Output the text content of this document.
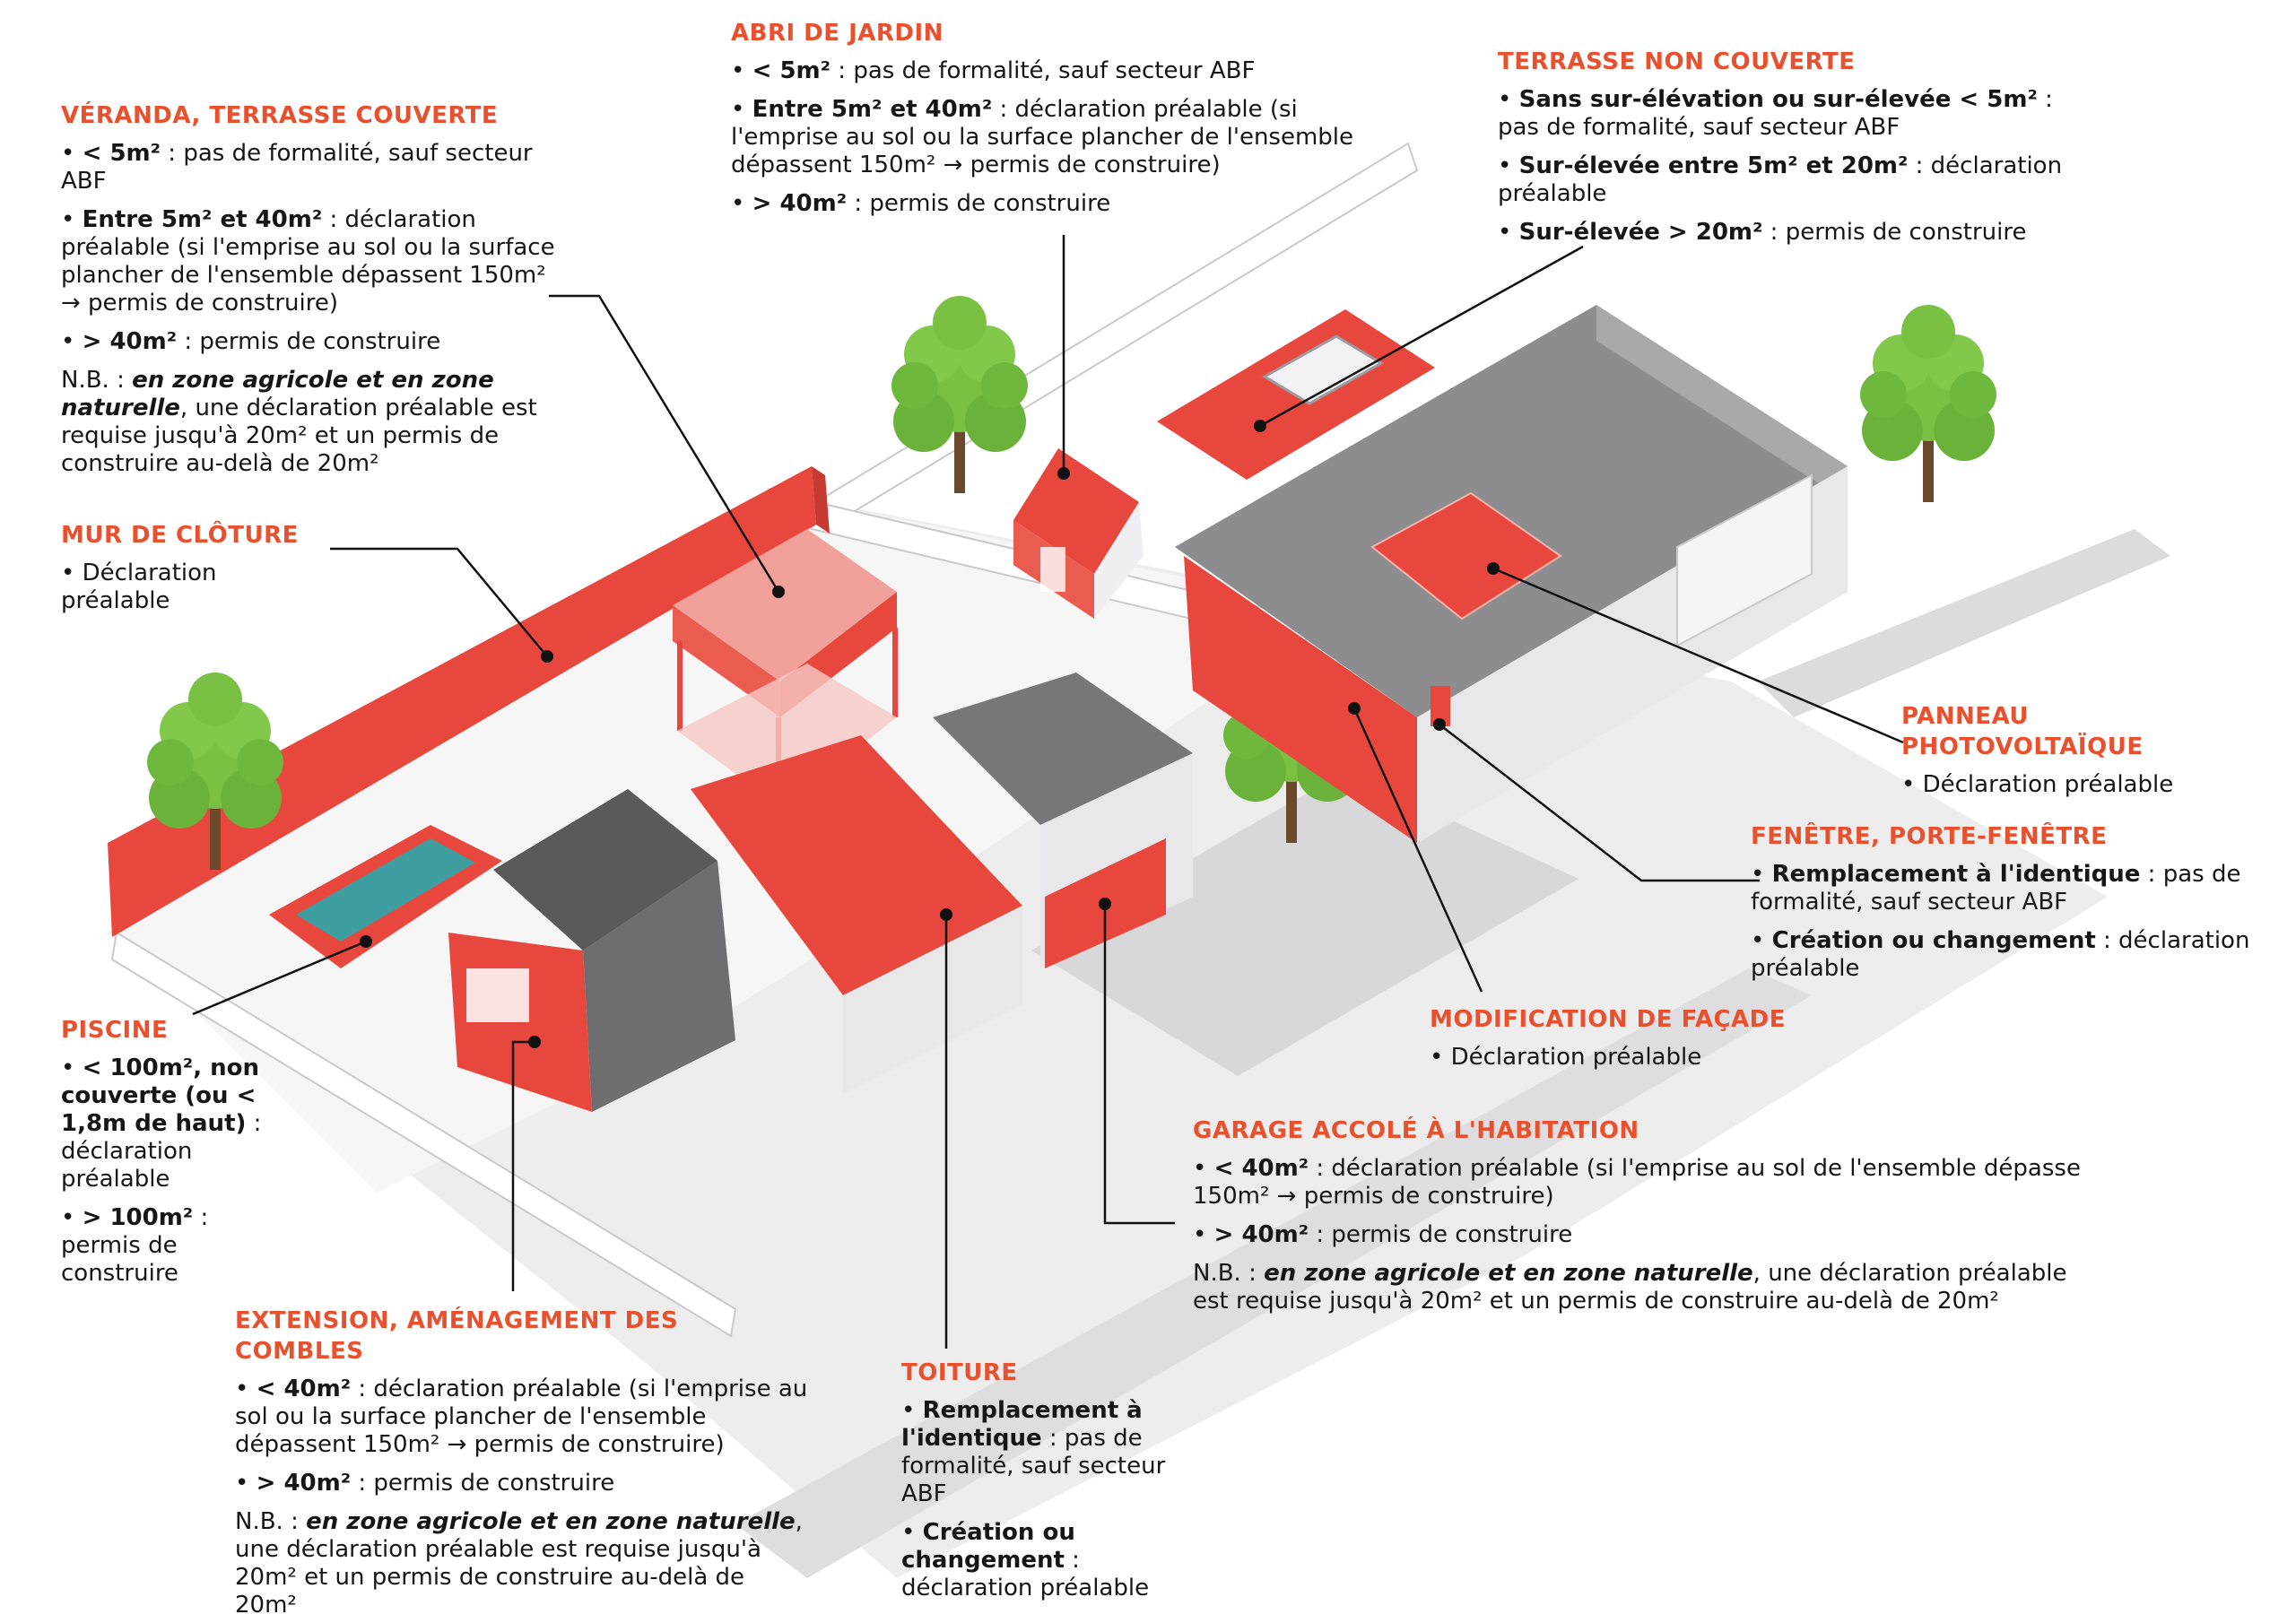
VÉRANDA, TERRASSE COUVERTE

• < 5m² : pas de formalité, sauf secteur ABF

• Entre 5m² et 40m² : déclaration préalable (si l'emprise au sol ou la surface plancher de l'ensemble dépassent 150m² → permis de construire)

• > 40m² : permis de construire

N.B. : en zone agricole et en zone naturelle, une déclaration préalable est requise jusqu'à 20m² et un permis de construire au-delà de 20m²

ABRI DE JARDIN

• < 5m² : pas de formalité, sauf secteur ABF

• Entre 5m² et 40m² : déclaration préalable (si l'emprise au sol ou la surface plancher de l'ensemble dépassent 150m² → permis de construire)

• > 40m² : permis de construire

TERRASSE NON COUVERTE

• Sans sur-élévation ou sur-élevée < 5m² : pas de formalité, sauf secteur ABF

• Sur-élevée entre 5m² et 20m² : déclaration préalable

• Sur-élevée > 20m² : permis de construire

MUR DE CLÔTURE

• Déclaration préalable

PANNEAU PHOTOVOLTAÏQUE

• Déclaration préalable

FENÊTRE, PORTE-FENÊTRE

• Remplacement à l'identique : pas de formalité, sauf secteur ABF

• Création ou changement : déclaration préalable

MODIFICATION DE FAÇADE

• Déclaration préalable

PISCINE

• < 100m², non couverte (ou < 1,8m de haut) : déclaration préalable

• > 100m² : permis de construire

GARAGE ACCOLÉ À L'HABITATION

• < 40m² : déclaration préalable (si l'emprise au sol de l'ensemble dépasse 150m² → permis de construire)

• > 40m² : permis de construire

N.B. : en zone agricole et en zone naturelle, une déclaration préalable est requise jusqu'à 20m² et un permis de construire au-delà de 20m²

EXTENSION, AMÉNAGEMENT DES COMBLES

• < 40m² : déclaration préalable (si l'emprise au sol ou la surface plancher de l'ensemble dépassent 150m² → permis de construire)

• > 40m² : permis de construire

N.B. : en zone agricole et en zone naturelle, une déclaration préalable est requise jusqu'à 20m² et un permis de construire au-delà de 20m²

TOITURE

• Remplacement à l'identique : pas de formalité, sauf secteur ABF

• Création ou changement : déclaration préalable
